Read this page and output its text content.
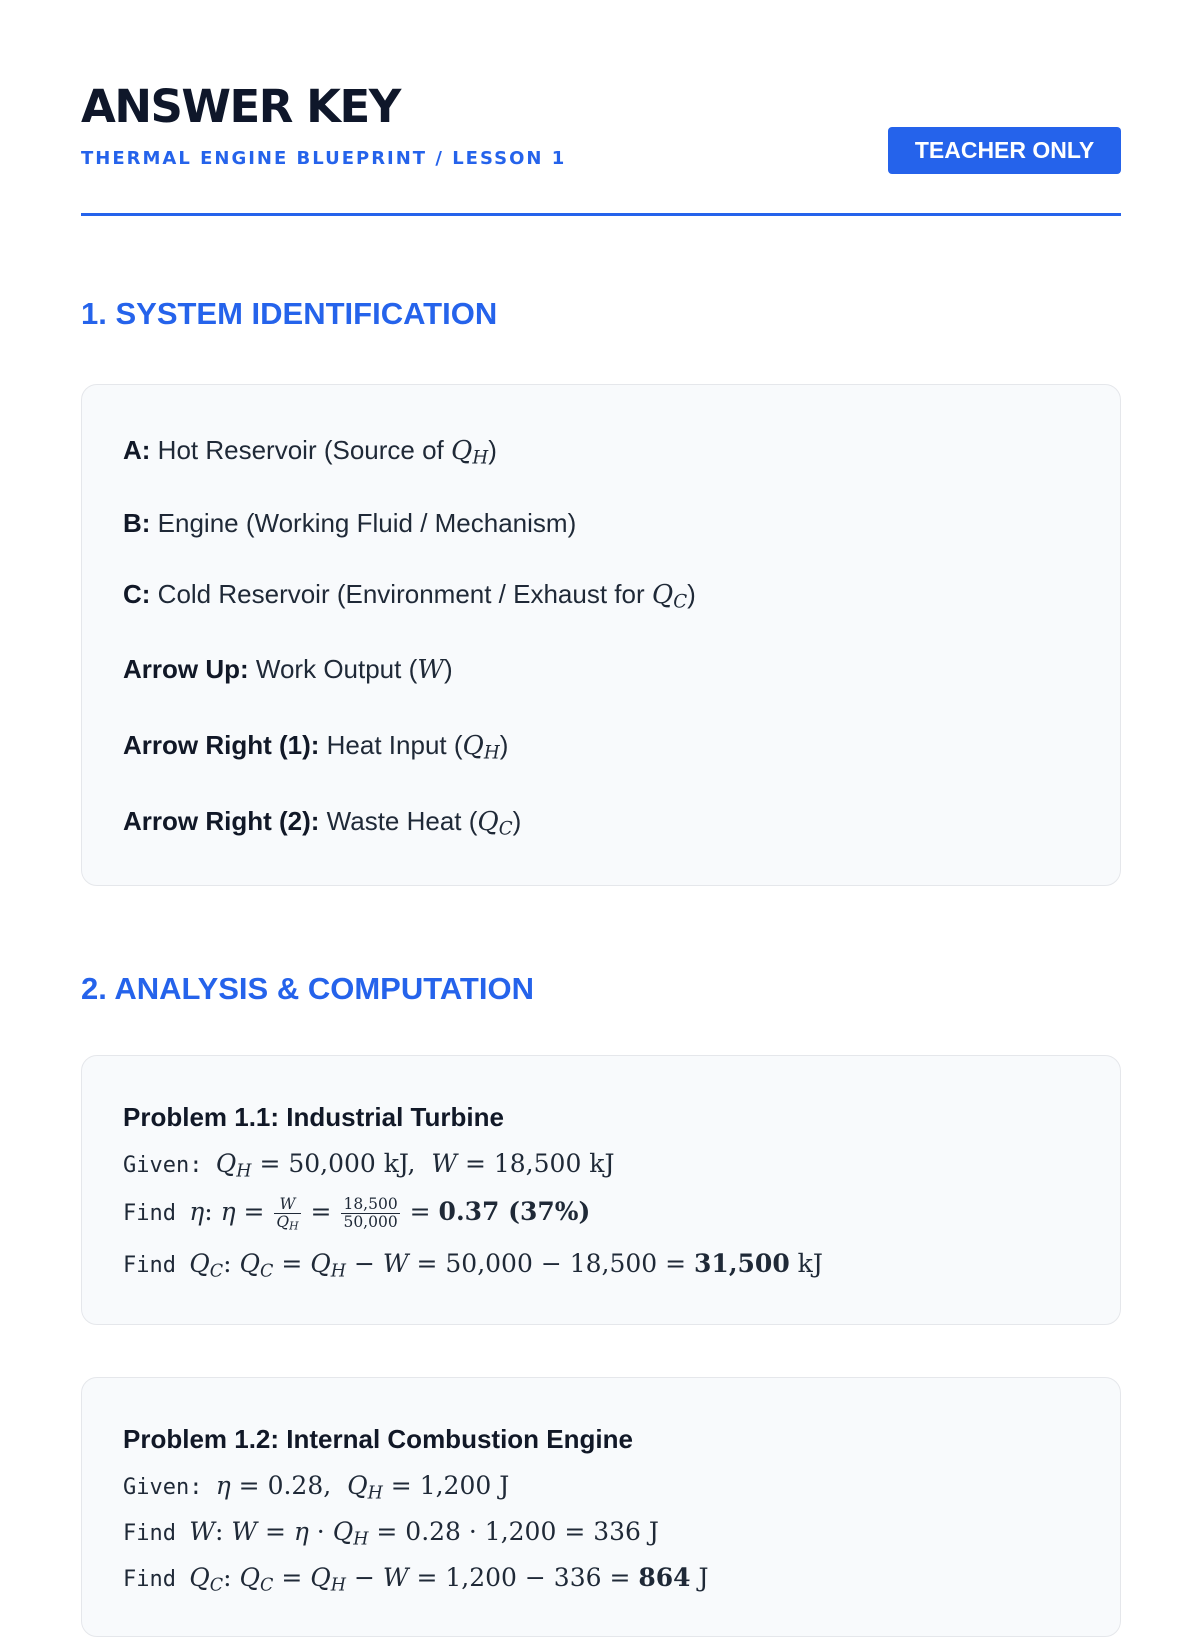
ANSWER KEY
THERMAL ENGINE BLUEPRINT / LESSON 1	TEACHER ONLY
1. SYSTEM IDENTIFICATION
A: Hot Reservoir (Source of $Q_H$)
B: Engine (Working Fluid / Mechanism)
C: Cold Reservoir (Environment / Exhaust for $Q_C$)
Arrow Up: Work Output (W)
Arrow Right (1): Heat Input $(Q_H)$
Arrow Right (2): Waste Heat $(Q_C)$
2. ANALYSIS & COMPUTATION
Problem 1.1: Industrial Turbine
Given: $Q_H = 50,000$ kJ,  W = 18,500 kJ
Find η: $\eta = \frac{W}{Q_H} = \frac{18,500}{50,000} = 0.37$ (37%)
Find $Q_C$: $Q_C = Q_H - W = 50,000 - 18,500 = 31,500$ kJ
Problem 1.2: Internal Combustion Engine
Given: η = 0.28,  $Q_H = 1,200$ J
Find W: $W = \eta \cdot Q_H = 0.28 \cdot 1,200 = 336$ J
Find $Q_C$: $Q_C = Q_H - W = 1,200 - 336 = 864$ J
